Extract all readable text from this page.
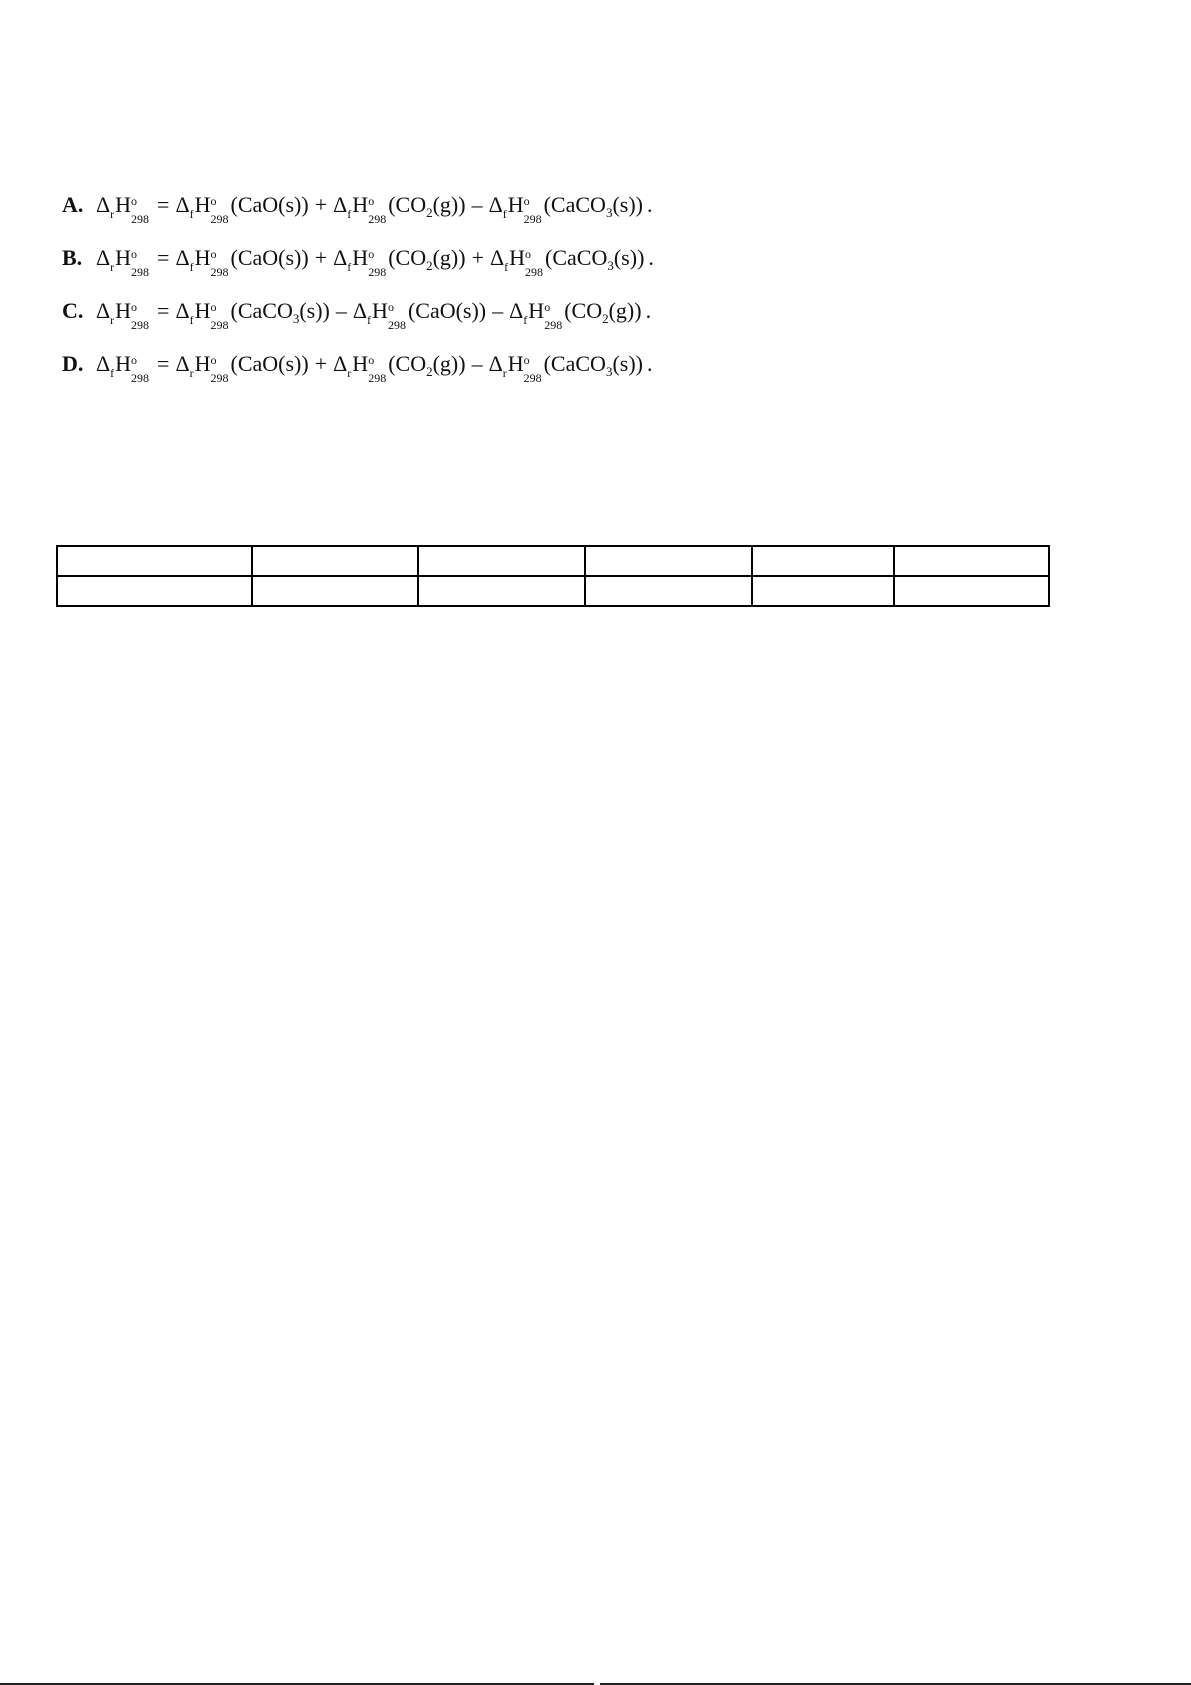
A. Δ r H o
298
= Δ f H o
298
(CaO(s)) + Δ f H o
298
(CO 2 (g)) – Δ f H o
298
(CaCO 3 (s)) .
B. Δ r H o
298
= Δ f H o
298
(CaO(s)) + Δ f H o
298
(CO 2 (g)) + Δ f H o
298
(CaCO 3 (s)) .
C. Δ r H o
298
= Δ f H o
298
(CaCO 3 (s)) – Δ f H o
298
(CaO(s)) – Δ f H o
298
(CO 2 (g)) .
D. Δ f H o
298
= Δ r H o
298
(CaO(s)) + Δ r H o
298
(CO 2 (g)) – Δ r H o
298
(CaCO 3 (s)) .
